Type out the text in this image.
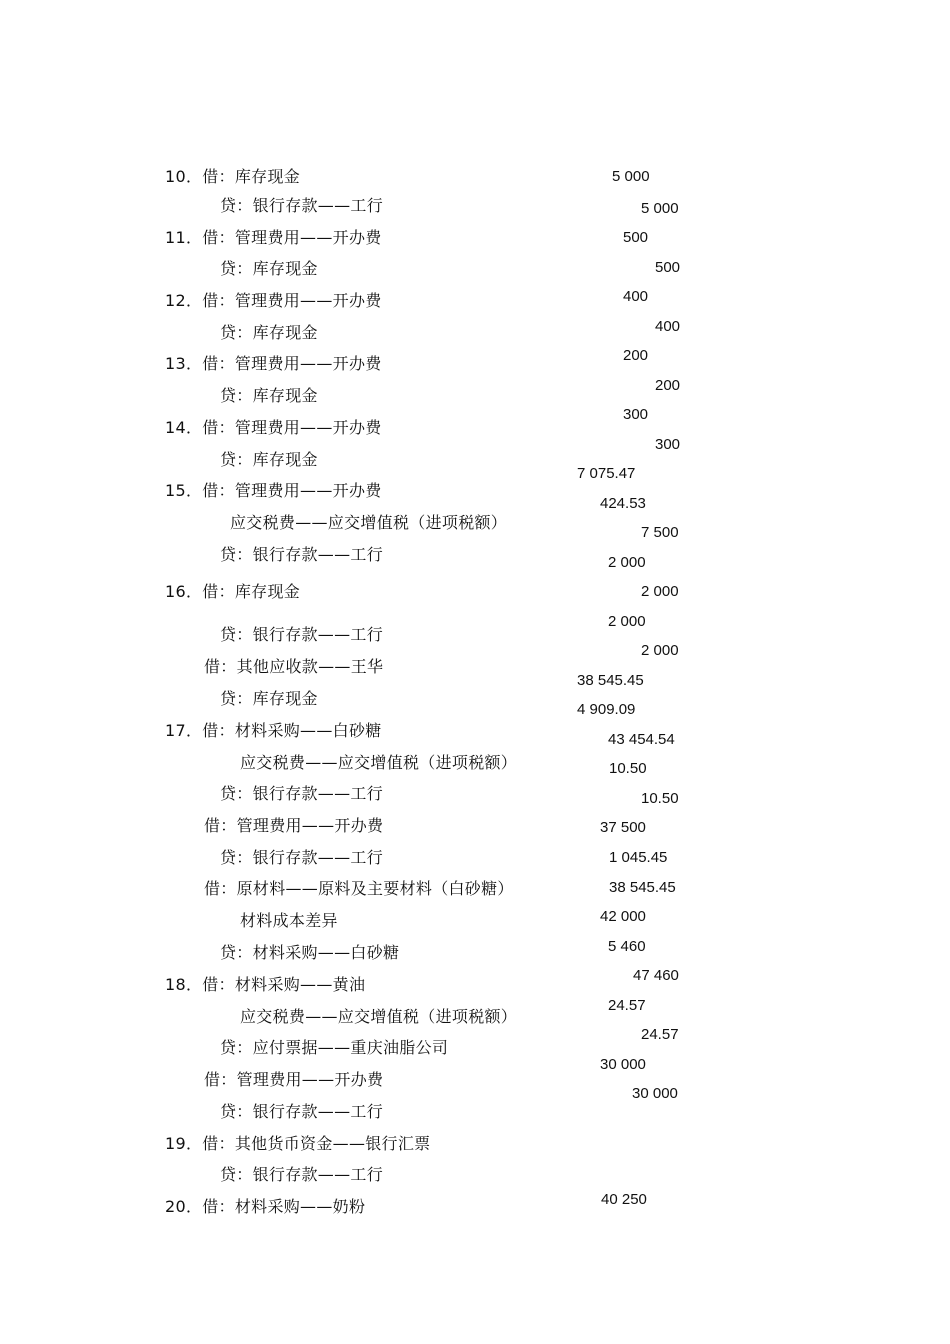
10．借：库存现金
贷：银行存款——工行
11．借：管理费用——开办费
贷：库存现金
12．借：管理费用——开办费
贷：库存现金
13．借：管理费用——开办费
贷：库存现金
14．借：管理费用——开办费
贷：库存现金
15．借：管理费用——开办费
应交税费——应交增值税（进项税额）
贷：银行存款——工行
16．借：库存现金
贷：银行存款——工行
借：其他应收款——王华
贷：库存现金
17．借：材料采购——白砂糖
应交税费——应交增值税（进项税额）
贷：银行存款——工行
借：管理费用——开办费
贷：银行存款——工行
借：原材料——原料及主要材料（白砂糖）
材料成本差异
贷：材料采购——白砂糖
18．借：材料采购——黄油
应交税费——应交增值税（进项税额）
贷：应付票据——重庆油脂公司
借：管理费用——开办费
贷：银行存款——工行
19．借：其他货币资金——银行汇票
贷：银行存款——工行
20．借：材料采购——奶粉
5 000
5 000
500
500
400
400
200
200
300
300
7 075.47
424.53
7 500
2 000
2 000
2 000
2 000
38 545.45
4 909.09
43 454.54
10.50
10.50
37 500
1 045.45
38 545.45
42 000
5 460
47 460
24.57
24.57
30 000
30 000
40 250
